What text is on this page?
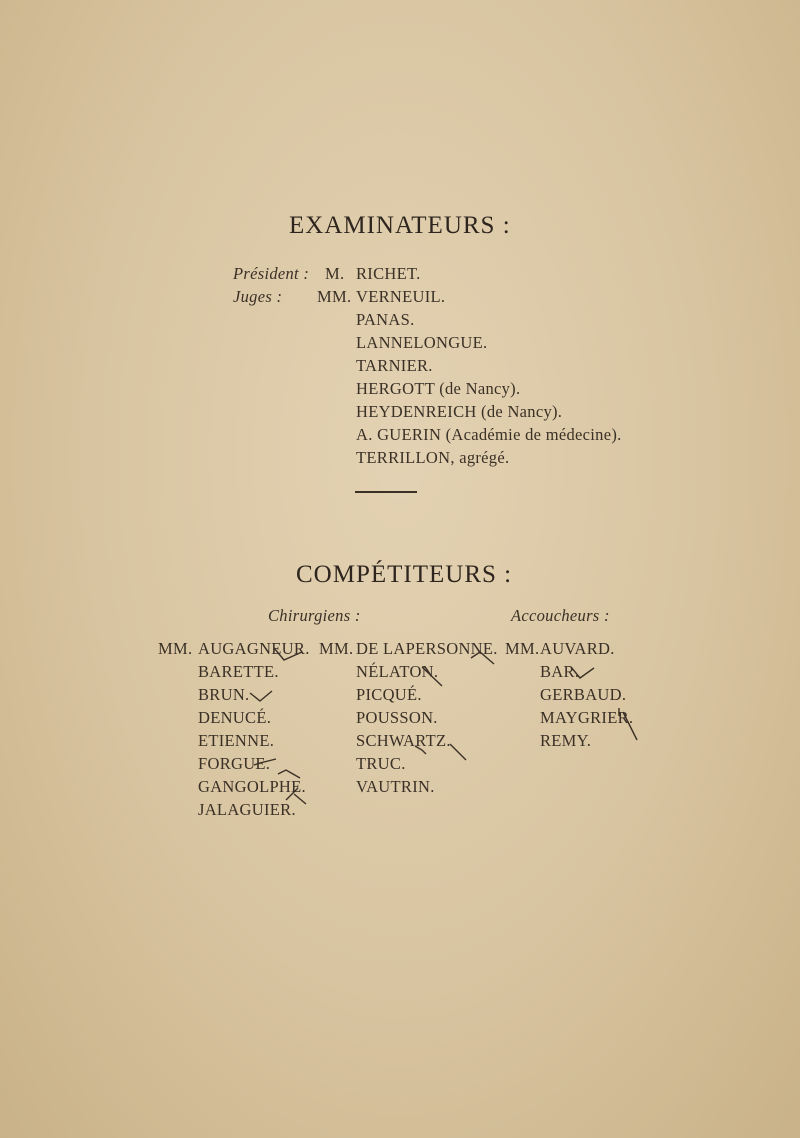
EXAMINATEURS :
Président : M. RICHET.
Juges : MM. VERNEUIL.
PANAS.
LANNELONGUE.
TARNIER.
HERGOTT (de Nancy).
HEYDENREICH (de Nancy).
A. GUERIN (Académie de médecine).
TERRILLON, agrégé.
COMPÉTITEURS :
Chirurgiens :	Accoucheurs :
MM. AUGAGNEUR.
BARETTE.
BRUN.
DENUCÉ.
ETIENNE.
FORGUE.
GANGOLPHE.
JALAGUIER.
MM. DE LAPERSONNE.
NÉLATON.
PICQUÉ.
POUSSON.
SCHWARTZ.
TRUC.
VAUTRIN.
MM. AUVARD.
BAR.
GERBAUD.
MAYGRIER.
REMY.
